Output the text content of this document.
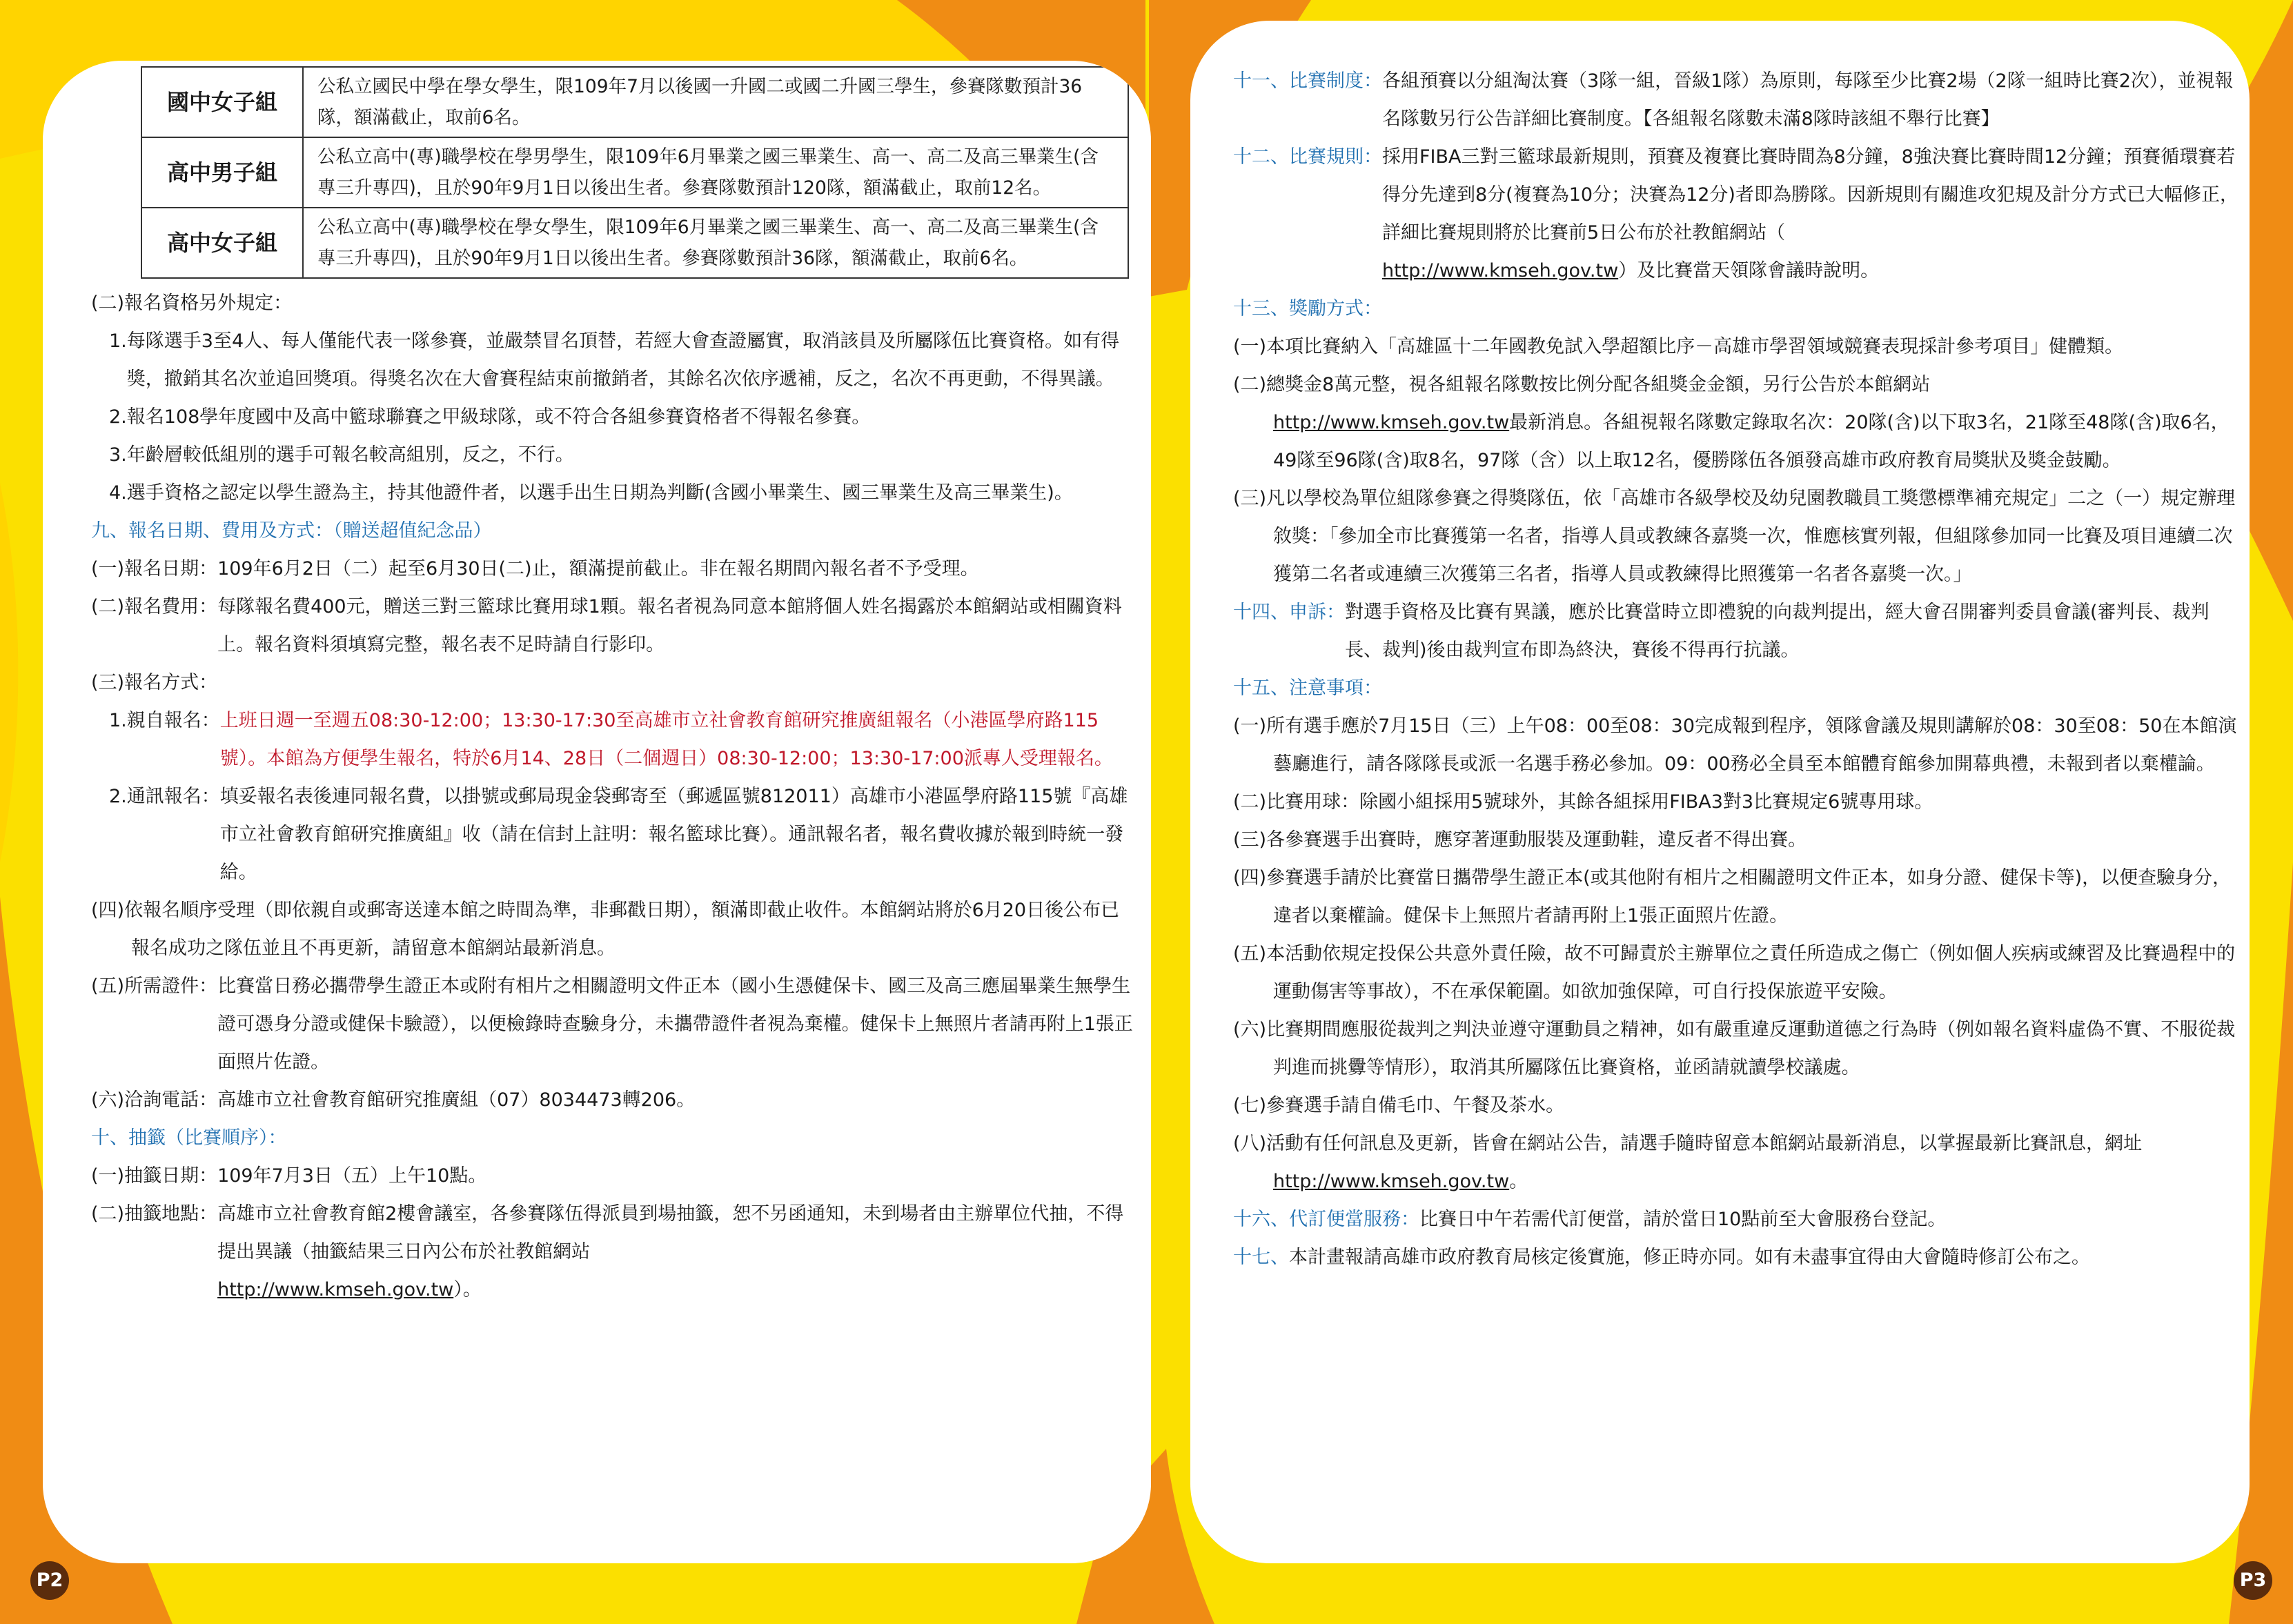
國中女子組	公私立國民中學在學女學生，限109年7月以後國一升國二或國二升國三學生，參賽隊數預計36隊，額滿截止，取前6名。
高中男子組	公私立高中(專)職學校在學男學生，限109年6月畢業之國三畢業生、高一、高二及高三畢業生(含專三升專四)，且於90年9月1日以後出生者。參賽隊數預計120隊，額滿截止，取前12名。
高中女子組	公私立高中(專)職學校在學女學生，限109年6月畢業之國三畢業生、高一、高二及高三畢業生(含專三升專四)，且於90年9月1日以後出生者。參賽隊數預計36隊，額滿截止，取前6名。
(二)報名資格另外規定：
1. 每隊選手3至4人、每人僅能代表一隊參賽，並嚴禁冒名頂替，若經大會查證屬實，取消該員及所屬隊伍比賽資格。如有得獎，撤銷其名次並追回獎項。得獎名次在大會賽程結束前撤銷者，其餘名次依序遞補，反之，名次不再更動，不得異議。
2. 報名108學年度國中及高中籃球聯賽之甲級球隊，或不符合各組參賽資格者不得報名參賽。
3. 年齡層較低組別的選手可報名較高組別，反之，不行。
4. 選手資格之認定以學生證為主，持其他證件者，以選手出生日期為判斷(含國小畢業生、國三畢業生及高三畢業生)。
九、報名日期、費用及方式：（贈送超值紀念品）
(一)報名日期： 109年6月2日（二）起至6月30日(二)止，額滿提前截止。非在報名期間內報名者不予受理。
(二)報名費用： 每隊報名費400元，贈送三對三籃球比賽用球1顆。報名者視為同意本館將個人姓名揭露於本館網站或相關資料上。報名資料須填寫完整，報名表不足時請自行影印。
(三)報名方式：
1.親自報名： 上班日週一至週五08:30-12:00；13:30-17:30至高雄市立社會教育館研究推廣組報名（小港區學府路115號）。本館為方便學生報名，特於6月14、28日（二個週日）08:30-12:00；13:30-17:00派專人受理報名。
2.通訊報名： 填妥報名表後連同報名費，以掛號或郵局現金袋郵寄至（郵遞區號812011）高雄市小港區學府路115號『高雄市立社會教育館研究推廣組』收（請在信封上註明：報名籃球比賽）。通訊報名者，報名費收據於報到時統一發給。
(四)依報名順序受理（即依親自或郵寄送達本館之時間為準，非郵戳日期），額滿即截止收件。本館網站將於6月20日後公布已報名成功之隊伍並且不再更新，請留意本館網站最新消息。
(五)所需證件： 比賽當日務必攜帶學生證正本或附有相片之相關證明文件正本（國小生憑健保卡、國三及高三應屆畢業生無學生證可憑身分證或健保卡驗證），以便檢錄時查驗身分，未攜帶證件者視為棄權。健保卡上無照片者請再附上1張正面照片佐證。
(六)洽詢電話：高雄市立社會教育館研究推廣組（07）8034473轉206。
十、抽籤（比賽順序）：
(一)抽籤日期：109年7月3日（五）上午10點。
(二)抽籤地點： 高雄市立社會教育館2樓會議室，各參賽隊伍得派員到場抽籤，恕不另函通知，未到場者由主辦單位代抽，不得提出異議（抽籤結果三日內公布於社教館網站
http://www.kmseh.gov.tw）。
P2
十一、比賽制度： 各組預賽以分組淘汰賽（3隊一組，晉級1隊）為原則，每隊至少比賽2場（2隊一組時比賽2次），並視報名隊數另行公告詳細比賽制度。【各組報名隊數未滿8隊時該組不舉行比賽】
十二、比賽規則： 採用FIBA三對三籃球最新規則，預賽及複賽比賽時間為8分鐘，8強決賽比賽時間12分鐘；預賽循環賽若得分先達到8分(複賽為10分；決賽為12分)者即為勝隊。因新規則有關進攻犯規及計分方式已大幅修正，詳細比賽規則將於比賽前5日公布於社教館網站（
http://www.kmseh.gov.tw）及比賽當天領隊會議時說明。
十三、獎勵方式：
(一)本項比賽納入「高雄區十二年國教免試入學超額比序－高雄市學習領域競賽表現採計參考項目」健體類。
(二)總獎金8萬元整，視各組報名隊數按比例分配各組獎金金額，另行公告於本館網站
http://www.kmseh.gov.tw最新消息。各組視報名隊數定錄取名次：20隊(含)以下取3名，21隊至48隊(含)取6名，49隊至96隊(含)取8名，97隊（含）以上取12名，優勝隊伍各頒發高雄市政府教育局獎狀及獎金鼓勵。
(三)凡以學校為單位組隊參賽之得獎隊伍，依「高雄市各級學校及幼兒園教職員工獎懲標準補充規定」二之（一）規定辦理敘獎：「參加全市比賽獲第一名者，指導人員或教練各嘉獎一次，惟應核實列報，但組隊參加同一比賽及項目連續二次獲第二名者或連續三次獲第三名者，指導人員或教練得比照獲第一名者各嘉獎一次。」
十四、申訴： 對選手資格及比賽有異議，應於比賽當時立即禮貌的向裁判提出，經大會召開審判委員會議(審判長、裁判長、裁判)後由裁判宣布即為終決，賽後不得再行抗議。
十五、注意事項：
(一)所有選手應於7月15日（三）上午08：00至08：30完成報到程序，領隊會議及規則講解於08：30至08：50在本館演藝廳進行，請各隊隊長或派一名選手務必參加。09：00務必全員至本館體育館參加開幕典禮，未報到者以棄權論。
(二)比賽用球：除國小組採用5號球外，其餘各組採用FIBA3對3比賽規定6號專用球。
(三)各參賽選手出賽時，應穿著運動服裝及運動鞋，違反者不得出賽。
(四)參賽選手請於比賽當日攜帶學生證正本(或其他附有相片之相關證明文件正本，如身分證、健保卡等)，以便查驗身分，違者以棄權論。健保卡上無照片者請再附上1張正面照片佐證。
(五)本活動依規定投保公共意外責任險，故不可歸責於主辦單位之責任所造成之傷亡（例如個人疾病或練習及比賽過程中的運動傷害等事故），不在承保範圍。如欲加強保障，可自行投保旅遊平安險。
(六)比賽期間應服從裁判之判決並遵守運動員之精神，如有嚴重違反運動道德之行為時（例如報名資料虛偽不實、不服從裁判進而挑釁等情形），取消其所屬隊伍比賽資格，並函請就讀學校議處。
(七)參賽選手請自備毛巾、午餐及茶水。
(八)活動有任何訊息及更新，皆會在網站公告，請選手隨時留意本館網站最新消息，以掌握最新比賽訊息，網址http://www.kmseh.gov.tw。
十六、代訂便當服務：比賽日中午若需代訂便當，請於當日10點前至大會服務台登記。
十七、本計畫報請高雄市政府教育局核定後實施，修正時亦同。如有未盡事宜得由大會隨時修訂公布之。
P3
